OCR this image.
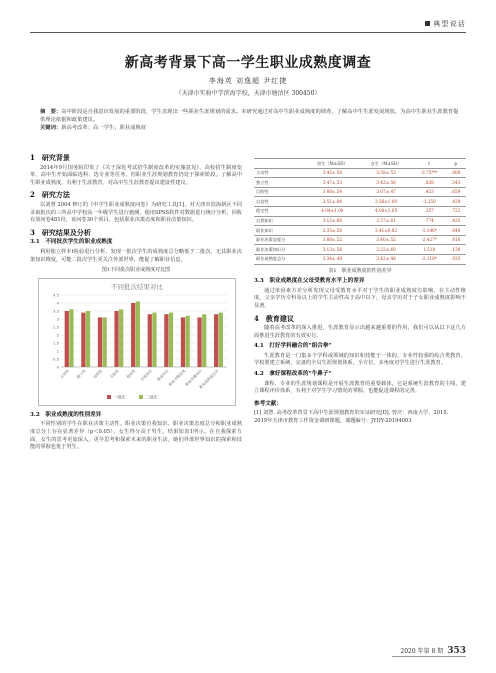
典型说话
新高考背景下高一学生职业成熟度调查
李海英 刘逸超 尹红捷
（天津市实验中学滨海学校，天津市塘沽区 300450）
摘　要：高中阶段是自我意识发展的重要阶段，学生表现出一些职业生涯规划的需求。本研究通过对高中生职业成熟度的调查，了解高中生生涯发展现状，为高中生职业生涯教育提供理论依据和政策建议。
关键词：新高考改革；高一学生；职业成熟度
1　研究背景

2014年9月国务院印发了《关于深化考试招生制度改革的实施意见》，高校招生制度变革，高中生开始面临选科、选专业等任务，但职业生涯规划教育仍处于探索阶段。了解高中生职业成熟度，有利于生涯教育，对高中生生涯教育提出建设性建议。

2　研究方法

以刘慧 2004 修订的《中学生职业成熟度问卷》为研究工具[1]，对天津市滨海新区不同录取批次的三所高中学校高一年级学生进行施测，使用SPSS软件对数据进行统计分析，回收有效问卷481份，该问卷30个项目，包括职业决策态度和职业决策知识。

3　研究结果及分析
3.1　不同批次学生的职业成熟度

利用独立样本t检验进行分析，发现一批次学生的成熟度总分略低于二批次，无其职业决策知识维度，可能二批次学生更关注外部世界，能促了解职业信息。

图1不同批次职业成熟度对比图
不同批次结果对比
0
0.5
1
1.5
2
2.5
3
3.5
4
4.5
主动性 独立性 目的性 自信性 稳定性 自我知识 职业知识
职业决策态度
职业决策知识
职业成熟度总分
一批次	二批次
3.2　职业成熟度的性别差异

不同性别的学生在职业决策主动性、职业决策自我知识、职业决策态度总分和职业成熟度总分上存在显著差异（p＜0.05），女生得分高于男生，结果如表1所示。在自我探索方面，女生的思考更加深入，更早思考和探索未来的职业生活，她们外部世界知识的探索和技能的掌握也优于男生。

	男生（M±SD）	女生（M±SD）	t	p
主动性	3.42±.58	3.58±.53	-3.75***	.000
独立性	3.47±.53	3.42±.56	.838	.343
目的性	3.08±.54	3.07±.47	.433	.659
自信性	3.51±.84	3.56±1.00	-1.250	.429
稳定性	4.04±1.00	4.08±1.05	.357	.722
自我知识	3.12±.66	3.57±.61	.774	.435
职业知识	3.35±.58	3.41±0.82	-1.146*	.049
职业决策态度分	3.08±.52	3.40±.52	-2.427*	.016
职业决策知识分	3.13±.58	3.22±.60	1.518	.130
职业成熟度总分	3.34±.48	3.42±.48	-2.118*	.035
表1　职业成熟度的性别差异
3.3　职业成熟度在父母受教育水平上的差异

通过单因素方差分析发现父母受教育水平对于学生的职业成熟度有影响，在主动性维度，父亲学历专科及以上的学生主动性高于高中以下，母亲学历对于子女职业成熟度影响不显著。

4　教育建议

随着高考改革的深入推进，生涯教育显示出越来越重要的作用，我们可以从以下这几方面推进生涯教育的有效实行。

4.1　打好学科融合的“组合拳”

生涯教育是一门集多个学科或领域的知识和技能于一体的、专业性较强的综合类教育。学校要建立系统、完备的全员生涯规划体系，全方位、多角度对学生进行生涯教育。

4.2　拿好课程改革的“牛鼻子”

课程、专业的生涯规划课程是开展生涯教育的重要载体，它是系统生涯教育的主线，建立课程评价体系，有利于对学生学习情况的掌握，也能促进课程的完善。

参考文献：
[1] 刘慧. 高考改革背景下高中生涯规划教育的实证研究[D]. 曾庆：西南大学，2015.
2019年天津市教育工作资金调研课题，课题编号：JYDY-20194003
2020 年第 8 期 353
